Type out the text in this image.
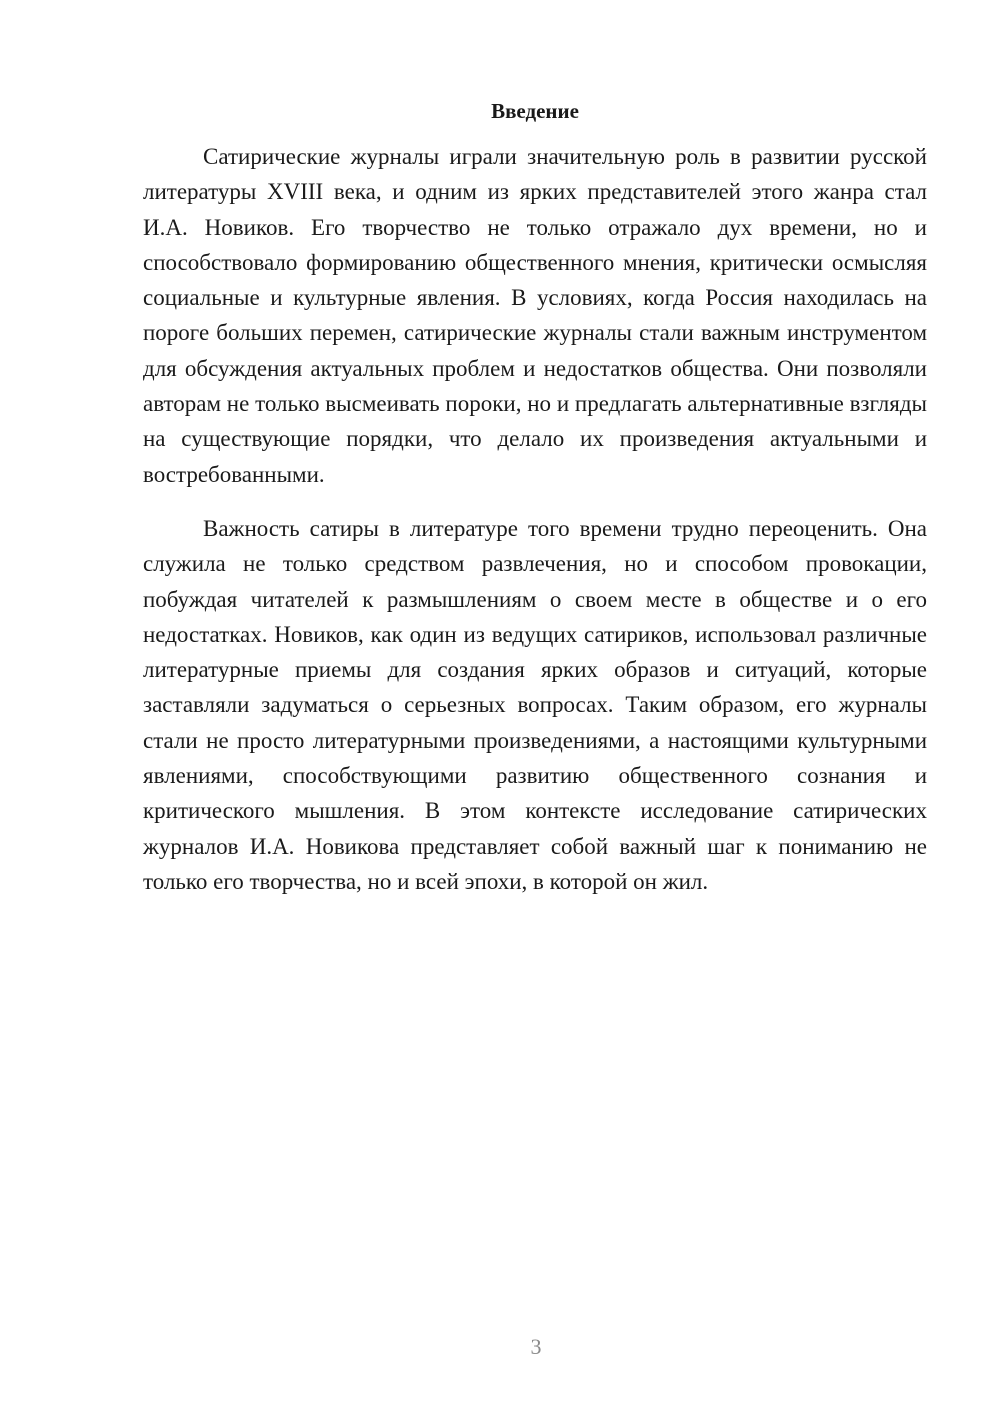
Введение

Сатирические журналы играли значительную роль в развитии русской литературы XVIII века, и одним из ярких представителей этого жанра стал И.А. Новиков. Его творчество не только отражало дух времени, но и способствовало формированию общественного мнения, критически осмысляя социальные и культурные явления. В условиях, когда Россия находилась на пороге больших перемен, сатирические журналы стали важным инструментом для обсуждения актуальных проблем и недостатков общества. Они позволяли авторам не только высмеивать пороки, но и предлагать альтернативные взгляды на существующие порядки, что делало их произведения актуальными и востребованными.

Важность сатиры в литературе того времени трудно переоценить. Она служила не только средством развлечения, но и способом провокации, побуждая читателей к размышлениям о своем месте в обществе и о его недостатках. Новиков, как один из ведущих сатириков, использовал различные литературные приемы для создания ярких образов и ситуаций, которые заставляли задуматься о серьезных вопросах. Таким образом, его журналы стали не просто литературными произведениями, а настоящими культурными явлениями, способствующими развитию общественного сознания и критического мышления. В этом контексте исследование сатирических журналов И.А. Новикова представляет собой важный шаг к пониманию не только его творчества, но и всей эпохи, в которой он жил.

3
